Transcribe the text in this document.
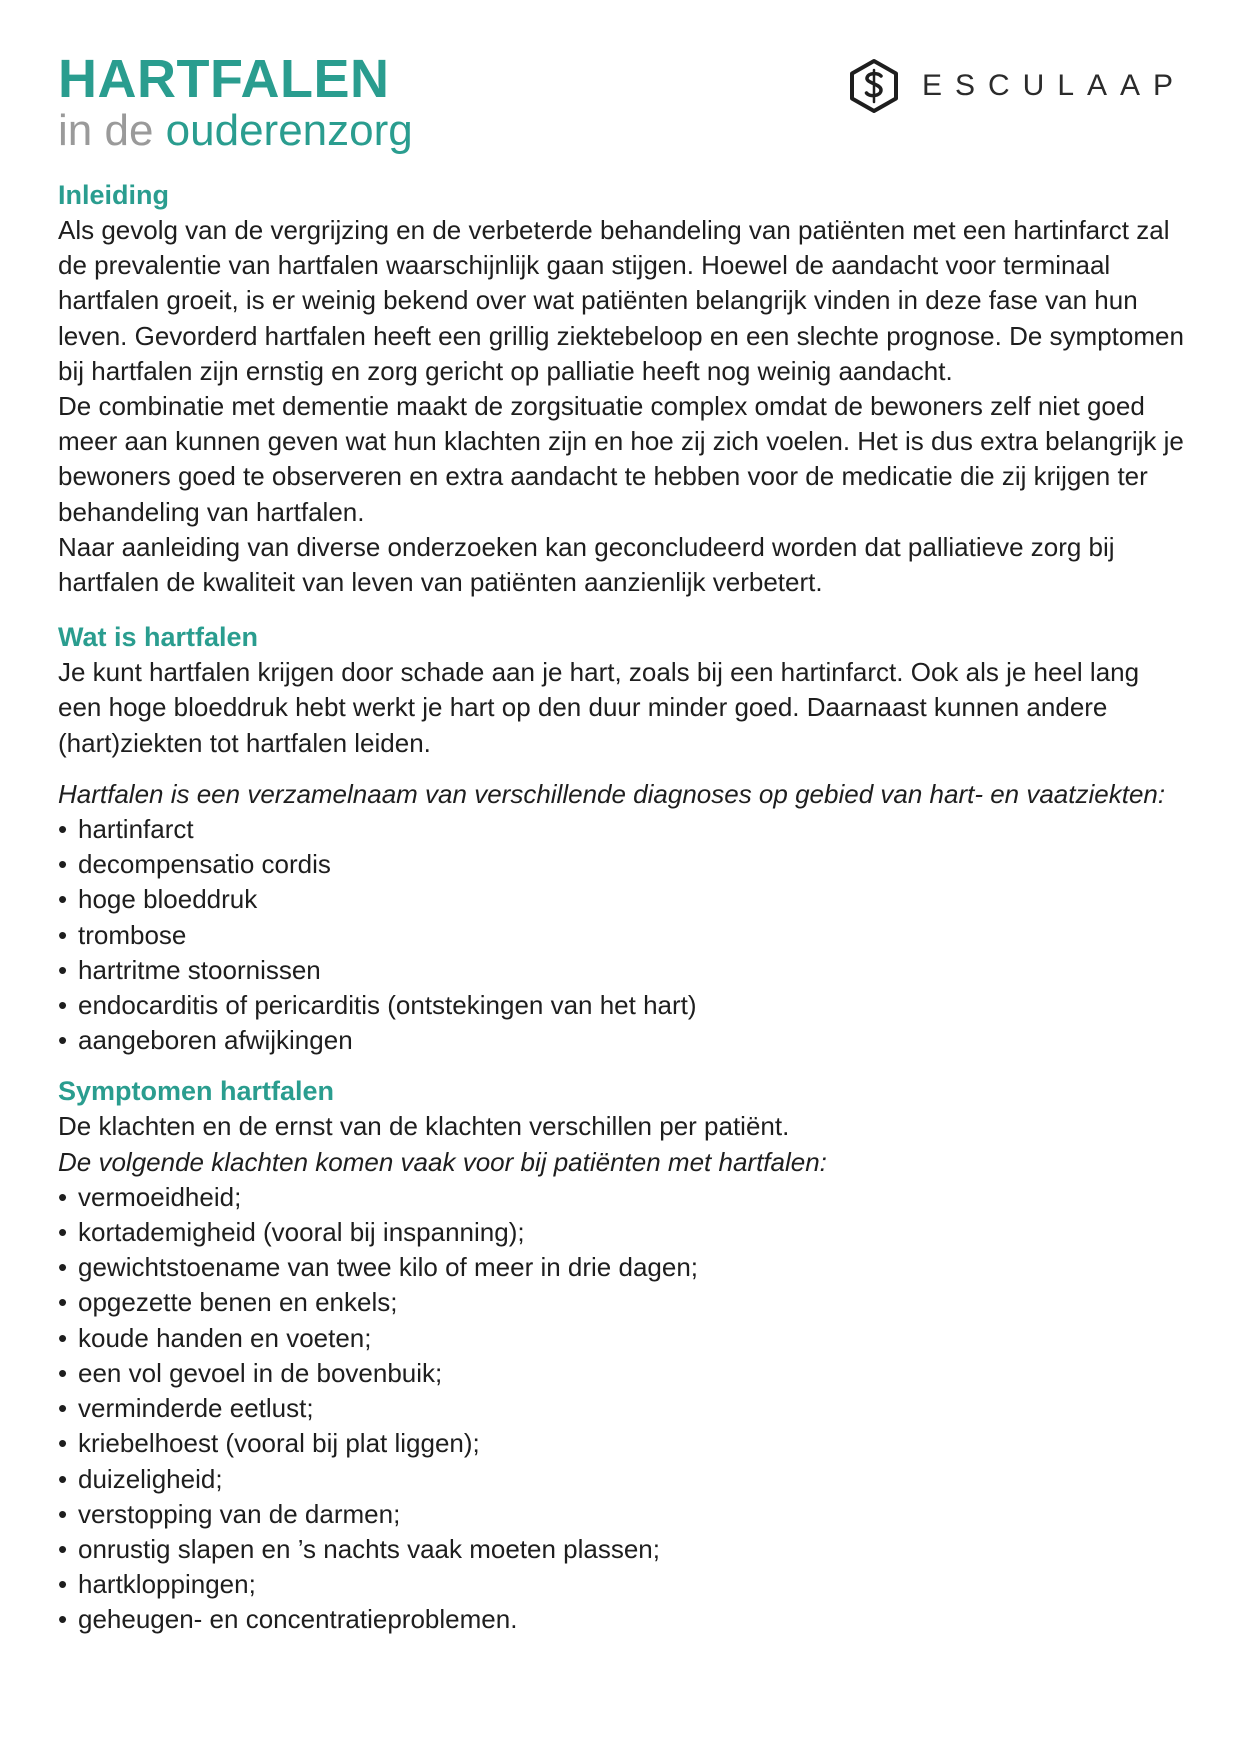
HARTFALEN
in de ouderenzorg
ESCULAAP
Inleiding

Als gevolg van de vergrijzing en de verbeterde behandeling van patiënten met een hartinfarct zal de prevalentie van hartfalen waarschijnlijk gaan stijgen. Hoewel de aandacht voor terminaal hartfalen groeit, is er weinig bekend over wat patiënten belangrijk vinden in deze fase van hun leven. Gevorderd hartfalen heeft een grillig ziektebeloop en een slechte prognose. De symptomen bij hartfalen zijn ernstig en zorg gericht op palliatie heeft nog weinig aandacht.

De combinatie met dementie maakt de zorgsituatie complex omdat de bewoners zelf niet goed meer aan kunnen geven wat hun klachten zijn en hoe zij zich voelen. Het is dus extra belangrijk je bewoners goed te observeren en extra aandacht te hebben voor de medicatie die zij krijgen ter behandeling van hartfalen.

Naar aanleiding van diverse onderzoeken kan geconcludeerd worden dat palliatieve zorg bij hartfalen de kwaliteit van leven van patiënten aanzienlijk verbetert.

Wat is hartfalen

Je kunt hartfalen krijgen door schade aan je hart, zoals bij een hartinfarct. Ook als je heel lang een hoge bloeddruk hebt werkt je hart op den duur minder goed. Daarnaast kunnen andere (hart)ziekten tot hartfalen leiden.

Hartfalen is een verzamelnaam van verschillende diagnoses op gebied van hart- en vaatziekten:

• hartinfarct
• decompensatio cordis
• hoge bloeddruk
• trombose
• hartritme stoornissen
• endocarditis of pericarditis (ontstekingen van het hart)
• aangeboren afwijkingen
Symptomen hartfalen

De klachten en de ernst van de klachten verschillen per patiënt.

De volgende klachten komen vaak voor bij patiënten met hartfalen:

• vermoeidheid;
• kortademigheid (vooral bij inspanning);
• gewichtstoename van twee kilo of meer in drie dagen;
• opgezette benen en enkels;
• koude handen en voeten;
• een vol gevoel in de bovenbuik;
• verminderde eetlust;
• kriebelhoest (vooral bij plat liggen);
• duizeligheid;
• verstopping van de darmen;
• onrustig slapen en ’s nachts vaak moeten plassen;
• hartkloppingen;
• geheugen- en concentratieproblemen.
